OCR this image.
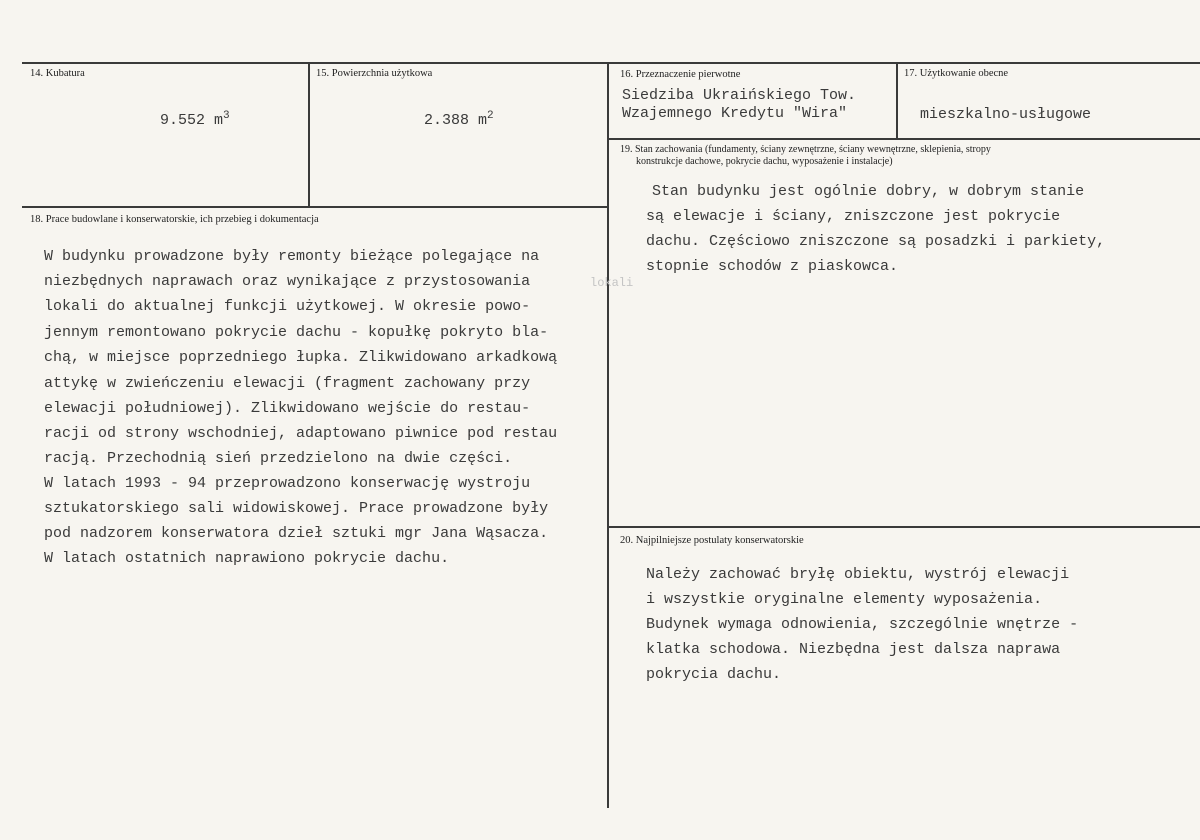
14. Kubatura
9.552 $m^3$
15. Powierzchnia użytkowa
2.388 $m^2$
16. Przeznaczenie pierwotne
Siedziba Ukraińskiego Tow.
Wzajemnego Kredytu "Wira"
17. Użytkowanie obecne
mieszkalno-usługowe
18. Prace budowlane i konserwatorskie, ich przebieg i dokumentacja
W budynku prowadzone były remonty bieżące polegające na
niezbędnych naprawach oraz wynikające z przystosowania	lokali
lokali do aktualnej funkcji użytkowej. W okresie powo-
jennym remontowano pokrycie dachu - kopułkę pokryto bla-
chą, w miejsce poprzedniego łupka. Zlikwidowano arkadkową
attykę w zwieńczeniu elewacji (fragment zachowany przy
elewacji południowej). Zlikwidowano wejście do restau-
racji od strony wschodniej, adaptowano piwnice pod restau
racją. Przechodnią sień przedzielono na dwie części.
W latach 1993 - 94 przeprowadzono konserwację wystroju
sztukatorskiego sali widowiskowej. Prace prowadzone były
pod nadzorem konserwatora dzieł sztuki mgr Jana Wąsacza.
W latach ostatnich naprawiono pokrycie dachu.
19. Stan zachowania (fundamenty, ściany zewnętrzne, ściany wewnętrzne, sklepienia, stropy
konstrukcje dachowe, pokrycie dachu, wyposażenie i instalacje)
Stan budynku jest ogólnie dobry, w dobrym stanie
są elewacje i ściany, zniszczone jest pokrycie
dachu. Częściowo zniszczone są posadzki i parkiety,
stopnie schodów z piaskowca.
20. Najpilniejsze postulaty konserwatorskie
Należy zachować bryłę obiektu, wystrój elewacji
i wszystkie oryginalne elementy wyposażenia.
Budynek wymaga odnowienia, szczególnie wnętrze -
klatka schodowa. Niezbędna jest dalsza naprawa
pokrycia dachu.
